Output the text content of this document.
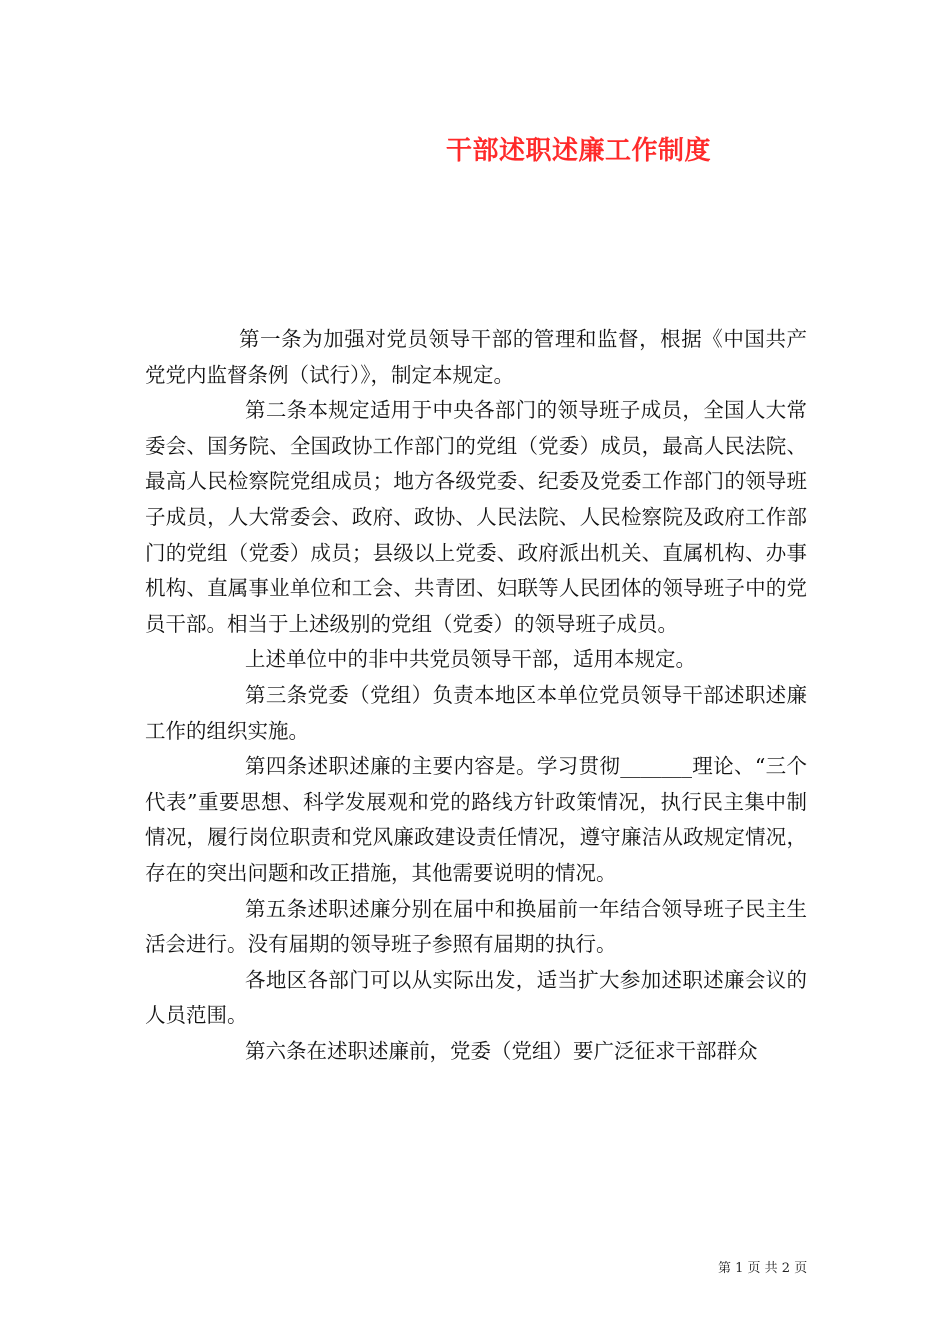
干部述职述廉工作制度

第一条为加强对党员领导干部的管理和监督，根据《中国共产党党内监督条例（试行）》，制定本规定。

第二条本规定适用于中央各部门的领导班子成员，全国人大常委会、国务院、全国政协工作部门的党组（党委）成员，最高人民法院、最高人民检察院党组成员；地方各级党委、纪委及党委工作部门的领导班子成员，人大常委会、政府、政协、人民法院、人民检察院及政府工作部门的党组（党委）成员；县级以上党委、政府派出机关、直属机构、办事机构、直属事业单位和工会、共青团、妇联等人民团体的领导班子中的党员干部。相当于上述级别的党组（党委）的领导班子成员。

上述单位中的非中共党员领导干部，适用本规定。

第三条党委（党组）负责本地区本单位党员领导干部述职述廉工作的组织实施。

第四条述职述廉的主要内容是。学习贯彻_______理论、“三个代表”重要思想、科学发展观和党的路线方针政策情况，执行民主集中制情况，履行岗位职责和党风廉政建设责任情况，遵守廉洁从政规定情况，存在的突出问题和改正措施，其他需要说明的情况。

第五条述职述廉分别在届中和换届前一年结合领导班子民主生活会进行。没有届期的领导班子参照有届期的执行。

各地区各部门可以从实际出发，适当扩大参加述职述廉会议的人员范围。

第六条在述职述廉前，党委（党组）要广泛征求干部群众

第 1 页 共 2 页
